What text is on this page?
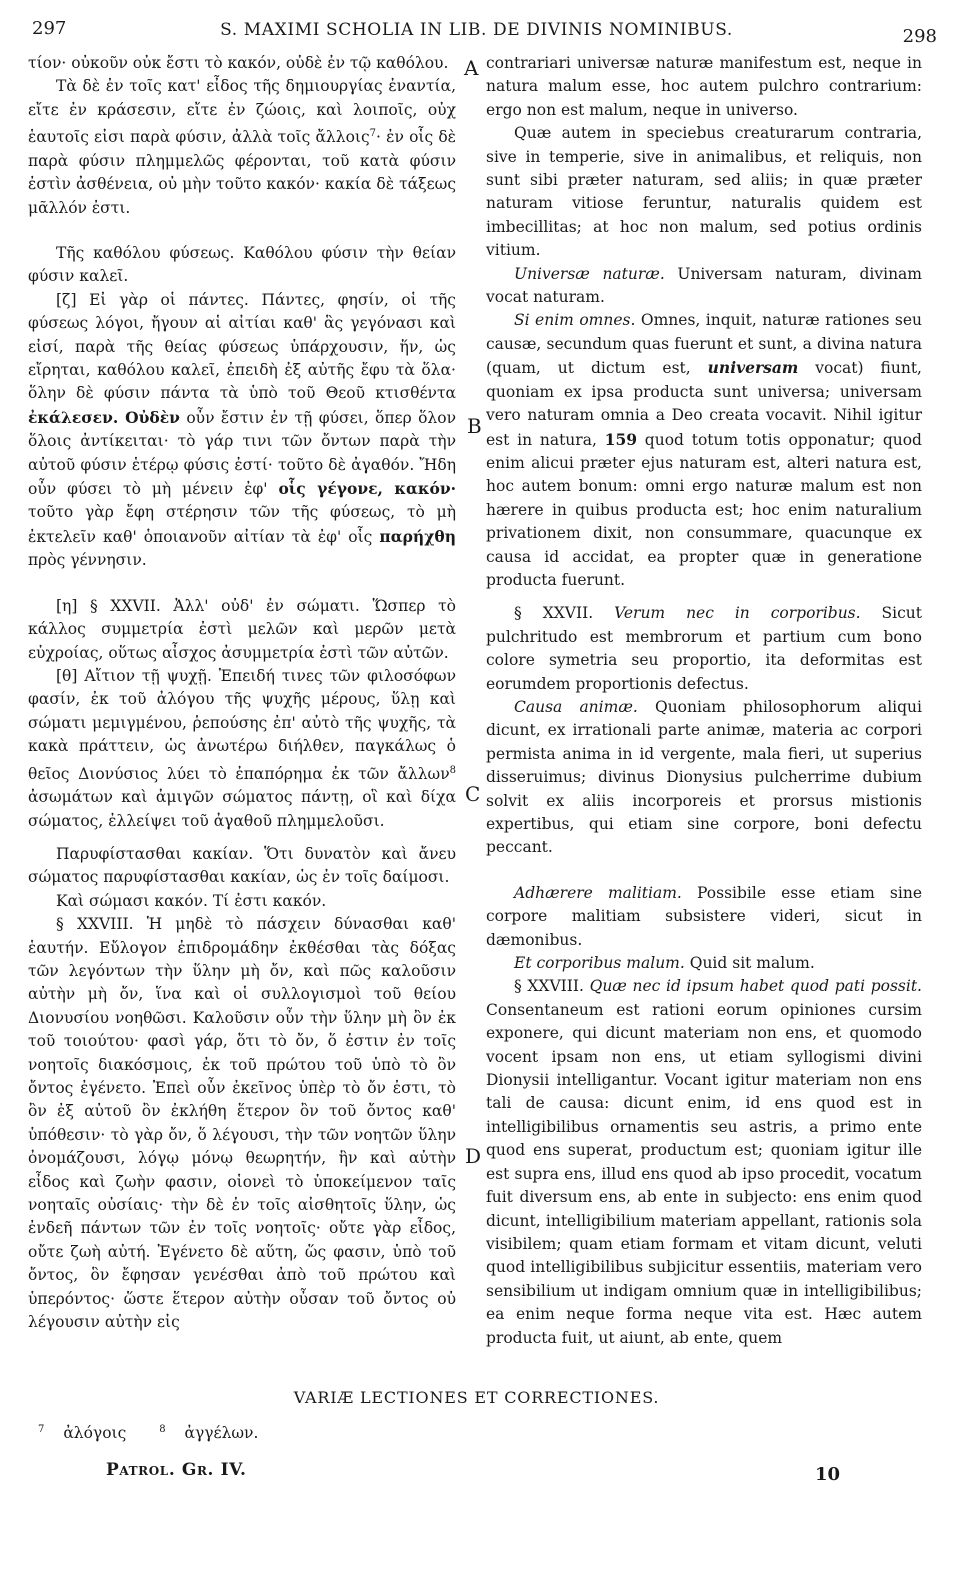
297	S. MAXIMI SCHOLIA IN LIB. DE DIVINIS NOMINIBUS.	298

τίον· οὐκοῦν οὐκ ἔστι τὸ κακόν, οὐδὲ ἐν τῷ καθόλου.

Τὰ δὲ ἐν τοῖς κατ' εἶδος τῆς δημιουργίας ἐναντία, εἴτε ἐν κράσεσιν, εἴτε ἐν ζώοις, καὶ λοιποῖς, οὐχ ἑαυτοῖς εἰσι παρὰ φύσιν, ἀλλὰ τοῖς ἄλλοις$^7$· ἐν οἷς δὲ παρὰ φύσιν πλημμελῶς φέρονται, τοῦ κατὰ φύσιν ἐστὶν ἀσθένεια, οὐ μὴν τοῦτο κακόν· κακία δὲ τάξεως μᾶλλόν ἐστι.

Τῆς καθόλου φύσεως. Καθόλου φύσιν τὴν θείαν φύσιν καλεῖ.

[ζ] Εἰ γὰρ οἱ πάντες. Πάντες, φησίν, οἱ τῆς φύσεως λόγοι, ἤγουν αἱ αἰτίαι καθ' ἃς γεγόνασι καὶ εἰσί, παρὰ τῆς θείας φύσεως ὑπάρχουσιν, ἥν, ὡς εἴρηται, καθόλου καλεῖ, ἐπειδὴ ἐξ αὐτῆς ἔφυ τὰ ὅλα· ὅλην δὲ φύσιν πάντα τὰ ὑπὸ τοῦ Θεοῦ κτισθέντα ἐκάλεσεν. Οὐδὲν οὖν ἔστιν ἐν τῇ φύσει, ὅπερ ὅλον ὅλοις ἀντίκειται· τὸ γάρ τινι τῶν ὄντων παρὰ τὴν αὐτοῦ φύσιν ἑτέρῳ φύσις ἐστί· τοῦτο δὲ ἀγαθόν. Ἤδη οὖν φύσει τὸ μὴ μένειν ἐφ' οἷς γέγονε, κακόν· τοῦτο γὰρ ἔφη στέρησιν τῶν τῆς φύσεως, τὸ μὴ ἐκτελεῖν καθ' ὁποιανοῦν αἰτίαν τὰ ἐφ' οἷς παρήχθη πρὸς γέννησιν.

[η] § XXVII. Ἀλλ' οὐδ' ἐν σώματι. Ὥσπερ τὸ κάλλος συμμετρία ἐστὶ μελῶν καὶ μερῶν μετὰ εὐχροίας, οὕτως αἶσχος ἀσυμμετρία ἐστὶ τῶν αὐτῶν.

[θ] Αἴτιον τῇ ψυχῇ. Ἐπειδή τινες τῶν φιλοσόφων φασίν, ἐκ τοῦ ἀλόγου τῆς ψυχῆς μέρους, ὕλῃ καὶ σώματι μεμιγμένου, ῥεπούσης ἐπ' αὐτὸ τῆς ψυχῆς, τὰ κακὰ πράττειν, ὡς ἀνωτέρω διήλθεν, παγκάλως ὁ θεῖος Διονύσιος λύει τὸ ἐπαπόρημα ἐκ τῶν ἄλλων$^8$ ἀσωμάτων καὶ ἀμιγῶν σώματος πάντῃ, οἳ καὶ δίχα σώματος, ἐλλείψει τοῦ ἀγαθοῦ πλημμελοῦσι.

Παρυφίστασθαι κακίαν. Ὅτι δυνατὸν καὶ ἄνευ σώματος παρυφίστασθαι κακίαν, ὡς ἐν τοῖς δαίμοσι.

Καὶ σώμασι κακόν. Τί ἐστι κακόν.

§ XXVIII. Ἡ μηδὲ τὸ πάσχειν δύνασθαι καθ' ἑαυτήν. Εὔλογον ἐπιδρομάδην ἐκθέσθαι τὰς δόξας τῶν λεγόντων τὴν ὕλην μὴ ὄν, καὶ πῶς καλοῦσιν αὐτὴν μὴ ὄν, ἵνα καὶ οἱ συλλογισμοὶ τοῦ θείου Διονυσίου νοηθῶσι. Καλοῦσιν οὖν τὴν ὕλην μὴ ὂν ἐκ τοῦ τοιούτου· φασὶ γάρ, ὅτι τὸ ὄν, ὅ ἐστιν ἐν τοῖς νοητοῖς διακόσμοις, ἐκ τοῦ πρώτου τοῦ ὑπὸ τὸ ὂν ὄντος ἐγένετο. Ἐπεὶ οὖν ἐκεῖνος ὑπὲρ τὸ ὄν ἐστι, τὸ ὂν ἐξ αὐτοῦ ὂν ἐκλήθη ἕτερον ὂν τοῦ ὄντος καθ' ὑπόθεσιν· τὸ γὰρ ὄν, ὅ λέγουσι, τὴν τῶν νοητῶν ὕλην ὀνομάζουσι, λόγῳ μόνῳ θεωρητήν, ἣν καὶ αὐτὴν εἶδος καὶ ζωὴν φασιν, οἱονεὶ τὸ ὑποκείμενον ταῖς νοηταῖς οὐσίαις· τὴν δὲ ἐν τοῖς αἰσθητοῖς ὕλην, ὡς ἐνδεῆ πάντων τῶν ἐν τοῖς νοητοῖς· οὔτε γὰρ εἶδος, οὔτε ζωὴ αὐτή. Ἐγένετο δὲ αὕτη, ὥς φασιν, ὑπὸ τοῦ ὄντος, ὃν ἔφησαν γενέσθαι ἀπὸ τοῦ πρώτου καὶ ὑπερόντος· ὥστε ἕτερον αὐτὴν οὖσαν τοῦ ὄντος οὐ λέγουσιν αὐτὴν εἰς

A
B
C
D

contrariari universæ naturæ manifestum est, neque in natura malum esse, hoc autem pulchro contrarium: ergo non est malum, neque in universo.

Quæ autem in speciebus creaturarum contraria, sive in temperie, sive in animalibus, et reliquis, non sunt sibi præter naturam, sed aliis; in quæ præter naturam vitiose feruntur, naturalis quidem est imbecillitas; at hoc non malum, sed potius ordinis vitium.

Universæ naturæ. Universam naturam, divinam vocat naturam.

Si enim omnes. Omnes, inquit, naturæ rationes seu causæ, secundum quas fuerunt et sunt, a divina natura (quam, ut dictum est, universam vocat) fiunt, quoniam ex ipsa producta sunt universa; universam vero naturam omnia a Deo creata vocavit. Nihil igitur est in natura, 159 quod totum totis opponatur; quod enim alicui præter ejus naturam est, alteri natura est, hoc autem bonum: omni ergo naturæ malum est non hærere in quibus producta est; hoc enim naturalium privationem dixit, non consummare, quacunque ex causa id accidat, ea propter quæ in generatione producta fuerunt.

§ XXVII. Verum nec in corporibus. Sicut pulchritudo est membrorum et partium cum bono colore symetria seu proportio, ita deformitas est eorumdem proportionis defectus.

Causa animæ. Quoniam philosophorum aliqui dicunt, ex irrationali parte animæ, materia ac corpori permista anima in id vergente, mala fieri, ut superius disseruimus; divinus Dionysius pulcherrime dubium solvit ex aliis incorporeis et prorsus mistionis expertibus, qui etiam sine corpore, boni defectu peccant.

Adhærere malitiam. Possibile esse etiam sine corpore malitiam subsistere videri, sicut in dæmonibus.

Et corporibus malum. Quid sit malum.

§ XXVIII. Quæ nec id ipsum habet quod pati possit. Consentaneum est rationi eorum opiniones cursim exponere, qui dicunt materiam non ens, et quomodo vocent ipsam non ens, ut etiam syllogismi divini Dionysii intelligantur. Vocant igitur materiam non ens tali de causa: dicunt enim, id ens quod est in intelligibilibus ornamentis seu astris, a primo ente quod ens superat, productum est; quoniam igitur ille est supra ens, illud ens quod ab ipso procedit, vocatum fuit diversum ens, ab ente in subjecto: ens enim quod dicunt, intelligibilium materiam appellant, rationis sola visibilem; quam etiam formam et vitam dicunt, veluti quod intelligibilibus subjicitur essentiis, materiam vero sensibilium ut indigam omnium quæ in intelligibilibus; ea enim neque forma neque vita est. Hæc autem producta fuit, ut aiunt, ab ente, quem

VARIÆ LECTIONES ET CORRECTIONES.
$^7$ ἀλόγοις	$^8$ ἀγγέλων.
Patrol. Gr. IV.	10
